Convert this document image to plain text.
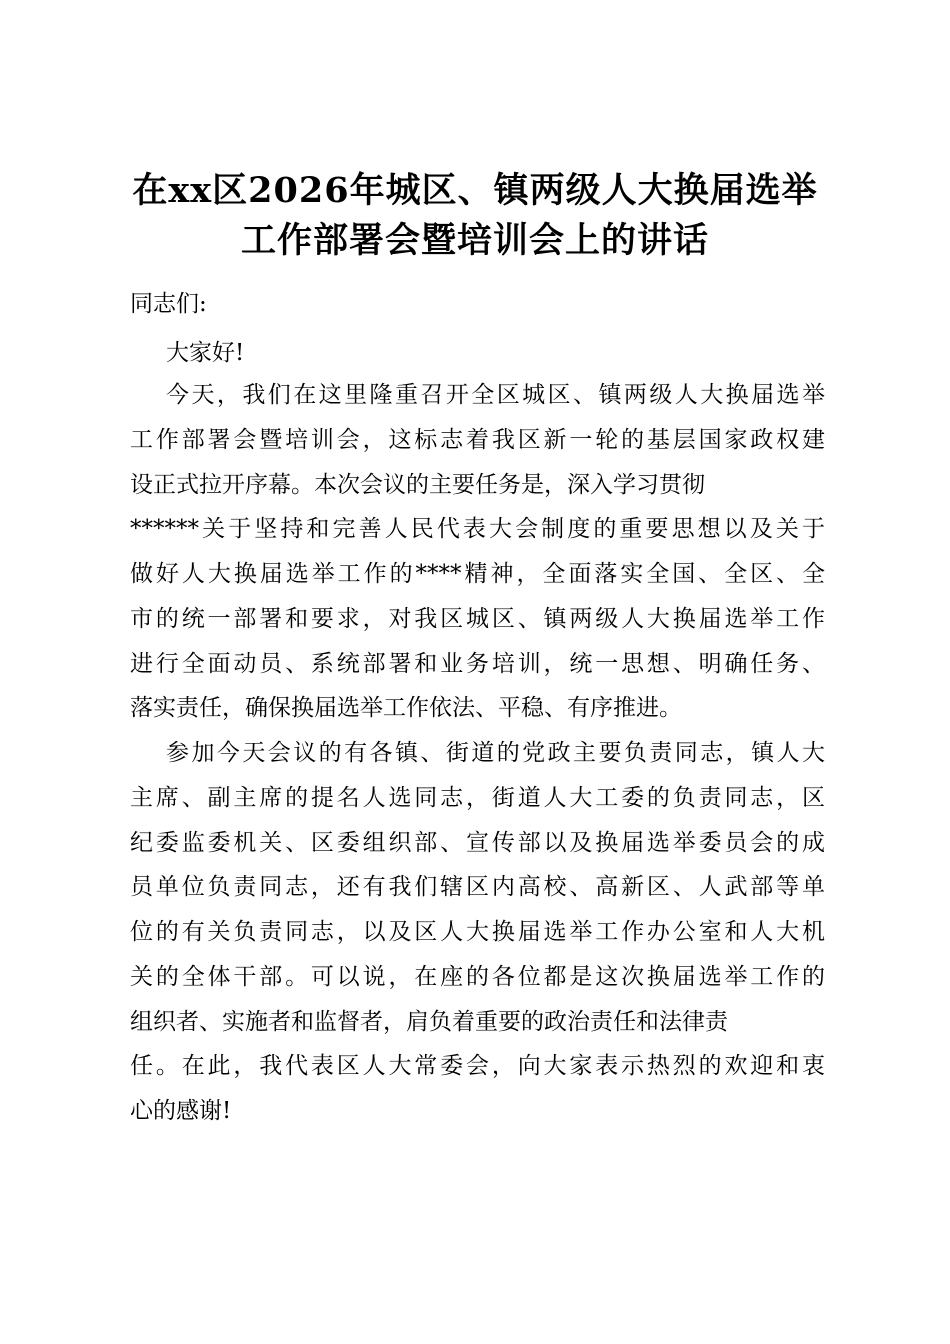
在xx区2026年城区、镇两级人大换届选举
工作部署会暨培训会上的讲话
同志们:
大家好!
今天，我们在这里隆重召开全区城区、镇两级人大换届选举
工作部署会暨培训会，这标志着我区新一轮的基层国家政权建
设正式拉开序幕。本次会议的主要任务是，深入学习贯彻
******关于坚持和完善人民代表大会制度的重要思想以及关于
做好人大换届选举工作的****精神，全面落实全国、全区、全
市的统一部署和要求，对我区城区、镇两级人大换届选举工作
进行全面动员、系统部署和业务培训，统一思想、明确任务、
落实责任，确保换届选举工作依法、平稳、有序推进。
参加今天会议的有各镇、街道的党政主要负责同志，镇人大
主席、副主席的提名人选同志，街道人大工委的负责同志，区
纪委监委机关、区委组织部、宣传部以及换届选举委员会的成
员单位负责同志，还有我们辖区内高校、高新区、人武部等单
位的有关负责同志，以及区人大换届选举工作办公室和人大机
关的全体干部。可以说，在座的各位都是这次换届选举工作的
组织者、实施者和监督者，肩负着重要的政治责任和法律责
任。在此，我代表区人大常委会，向大家表示热烈的欢迎和衷
心的感谢!
